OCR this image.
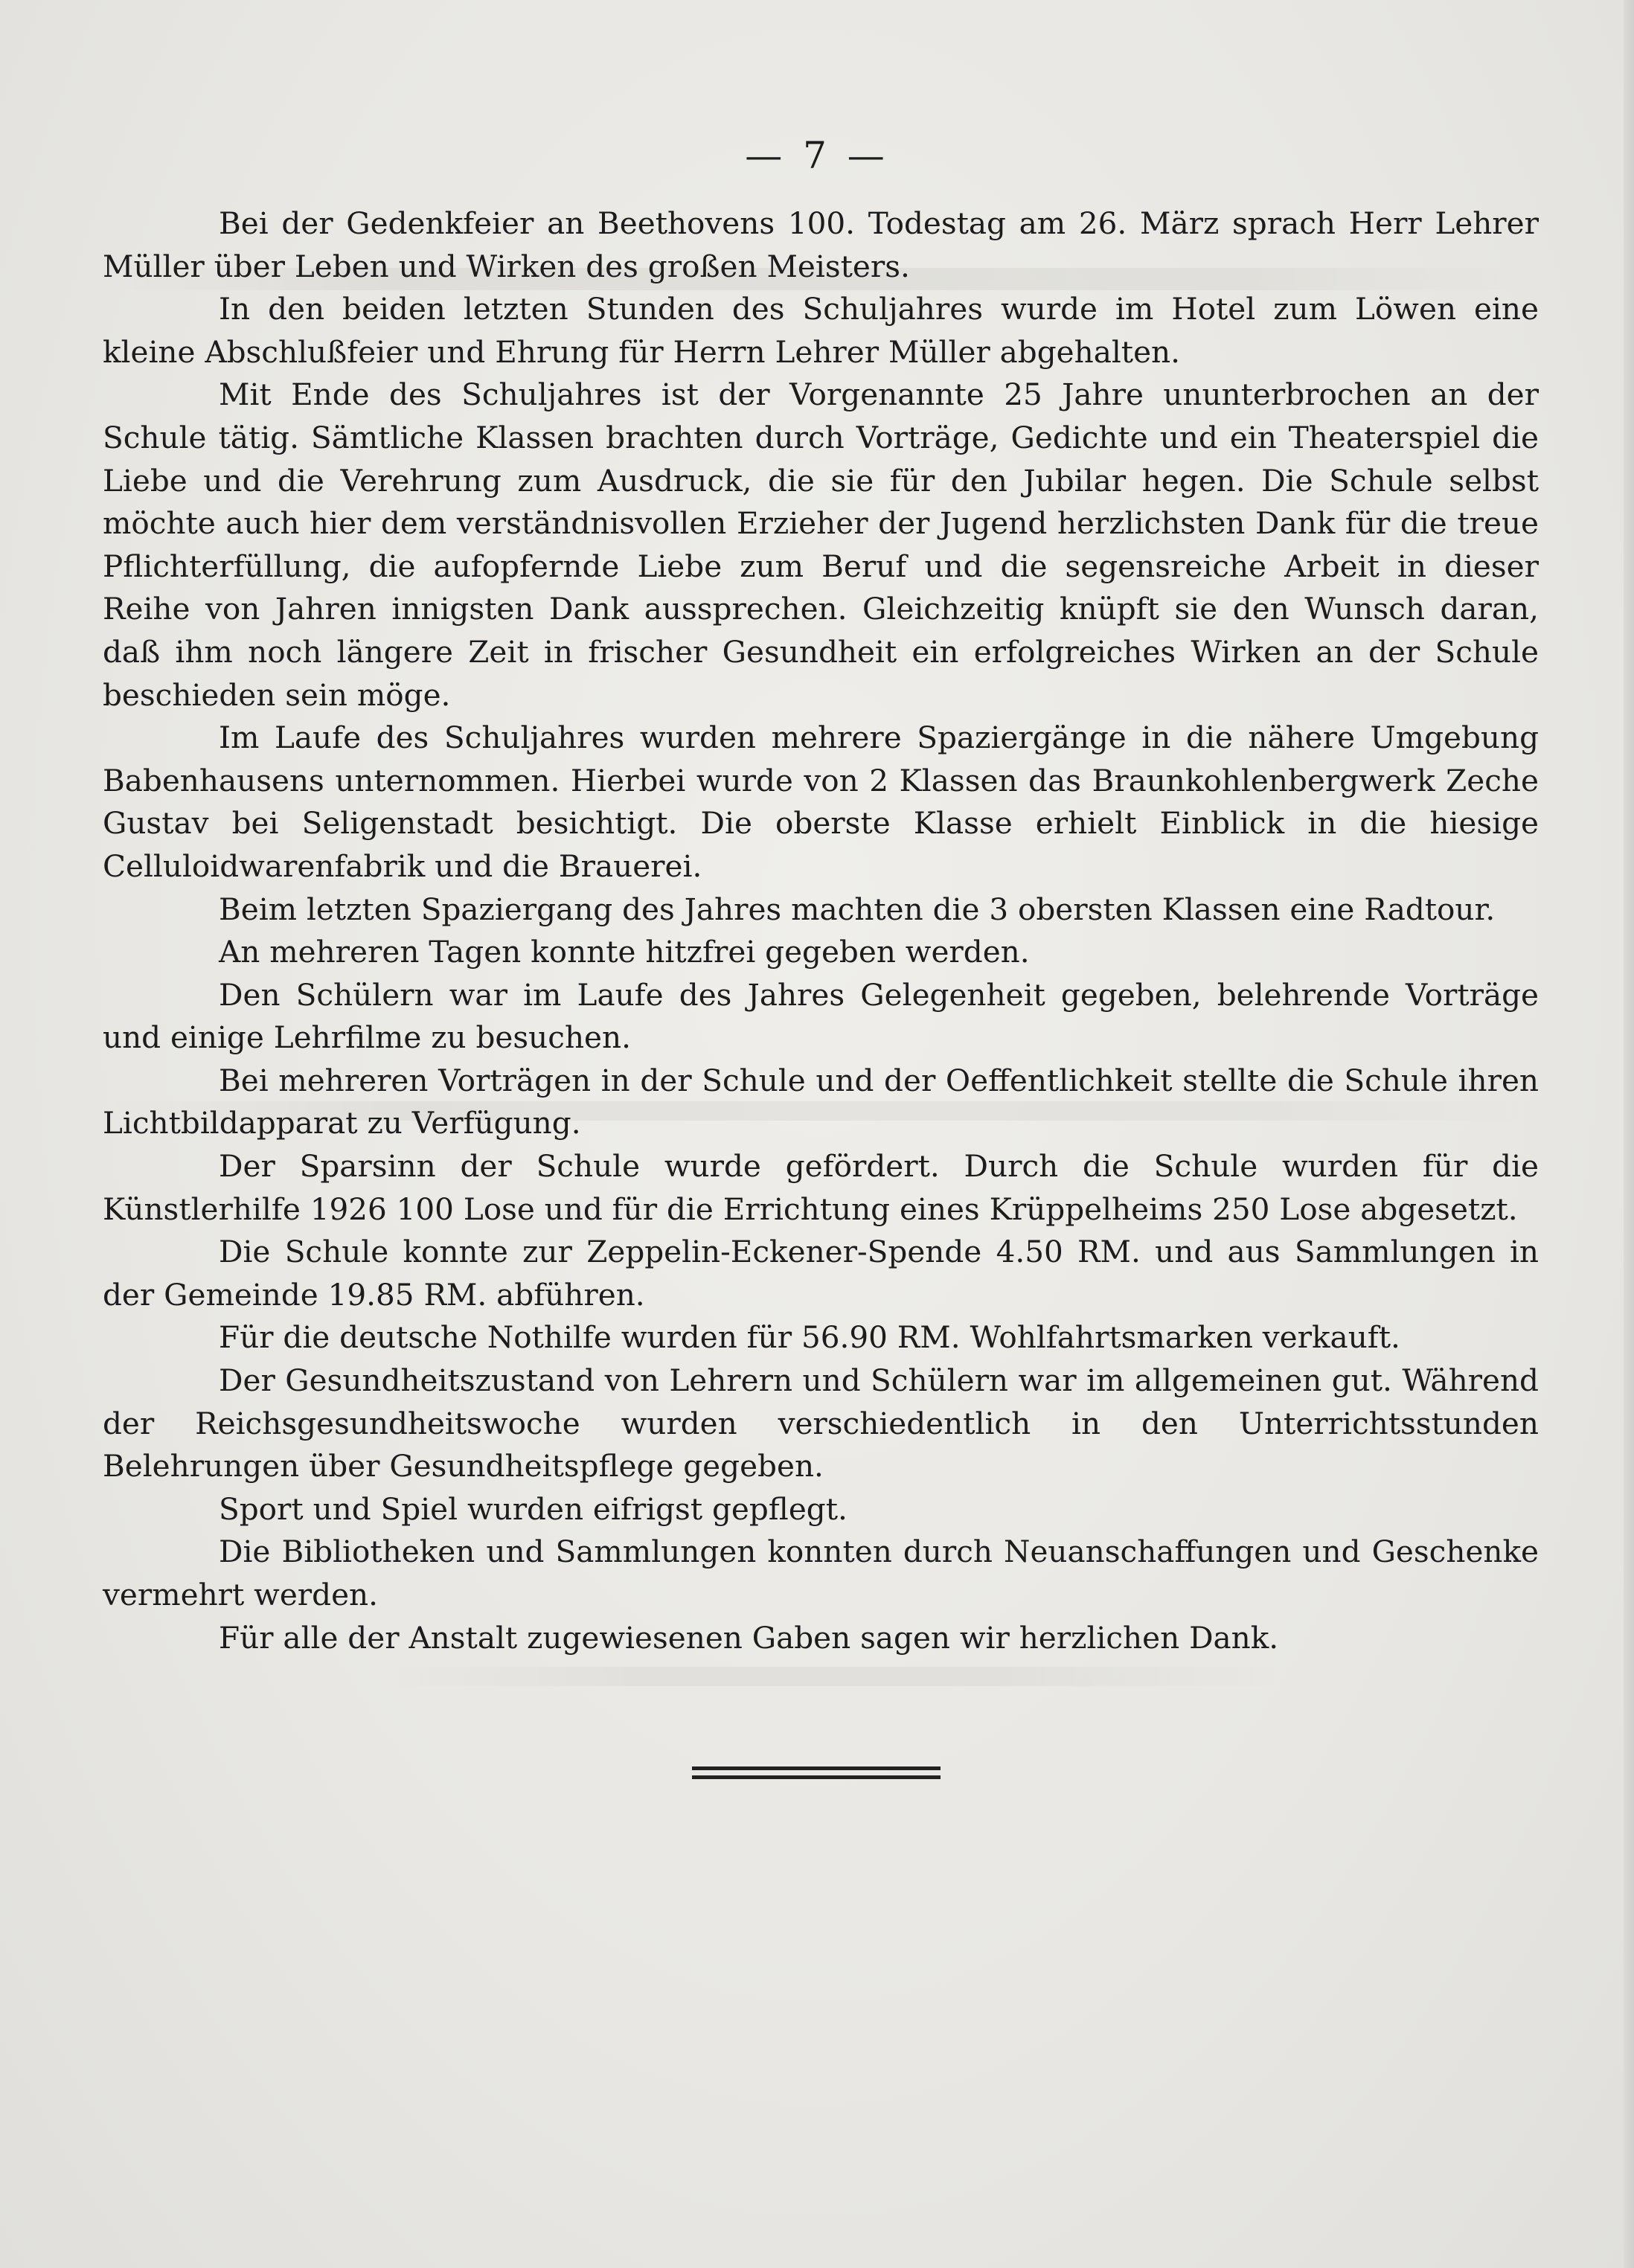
— 7 —

Bei der Gedenkfeier an Beethovens 100. Todestag am 26. März sprach Herr Lehrer Müller über Leben und Wirken des großen Meisters.

In den beiden letzten Stunden des Schuljahres wurde im Hotel zum Löwen eine kleine Abschlußfeier und Ehrung für Herrn Lehrer Müller abgehalten.

Mit Ende des Schuljahres ist der Vorgenannte 25 Jahre ununterbrochen an der Schule tätig. Sämtliche Klassen brachten durch Vorträge, Gedichte und ein Theaterspiel die Liebe und die Verehrung zum Ausdruck, die sie für den Jubilar hegen. Die Schule selbst möchte auch hier dem verständnisvollen Erzieher der Jugend herzlichsten Dank für die treue Pflichterfüllung, die aufopfernde Liebe zum Beruf und die segensreiche Arbeit in dieser Reihe von Jahren innigsten Dank aussprechen. Gleichzeitig knüpft sie den Wunsch daran, daß ihm noch längere Zeit in frischer Gesundheit ein erfolgreiches Wirken an der Schule beschieden sein möge.

Im Laufe des Schuljahres wurden mehrere Spaziergänge in die nähere Umgebung Babenhausens unternommen. Hierbei wurde von 2 Klassen das Braunkohlenbergwerk Zeche Gustav bei Seligenstadt besichtigt. Die oberste Klasse erhielt Einblick in die hiesige Celluloidwarenfabrik und die Brauerei.

Beim letzten Spaziergang des Jahres machten die 3 obersten Klassen eine Radtour.

An mehreren Tagen konnte hitzfrei gegeben werden.

Den Schülern war im Laufe des Jahres Gelegenheit gegeben, belehrende Vorträge und einige Lehrfilme zu besuchen.

Bei mehreren Vorträgen in der Schule und der Oeffentlichkeit stellte die Schule ihren Lichtbildapparat zu Verfügung.

Der Sparsinn der Schule wurde gefördert. Durch die Schule wurden für die Künstlerhilfe 1926 100 Lose und für die Errichtung eines Krüppelheims 250 Lose abgesetzt.

Die Schule konnte zur Zeppelin-Eckener-Spende 4.50 RM. und aus Sammlungen in der Gemeinde 19.85 RM. abführen.

Für die deutsche Nothilfe wurden für 56.90 RM. Wohlfahrtsmarken verkauft.

Der Gesundheitszustand von Lehrern und Schülern war im allgemeinen gut. Während der Reichsgesundheitswoche wurden verschiedentlich in den Unterrichtsstunden Belehrungen über Gesundheitspflege gegeben.

Sport und Spiel wurden eifrigst gepflegt.

Die Bibliotheken und Sammlungen konnten durch Neuanschaffungen und Geschenke vermehrt werden.

Für alle der Anstalt zugewiesenen Gaben sagen wir herzlichen Dank.
